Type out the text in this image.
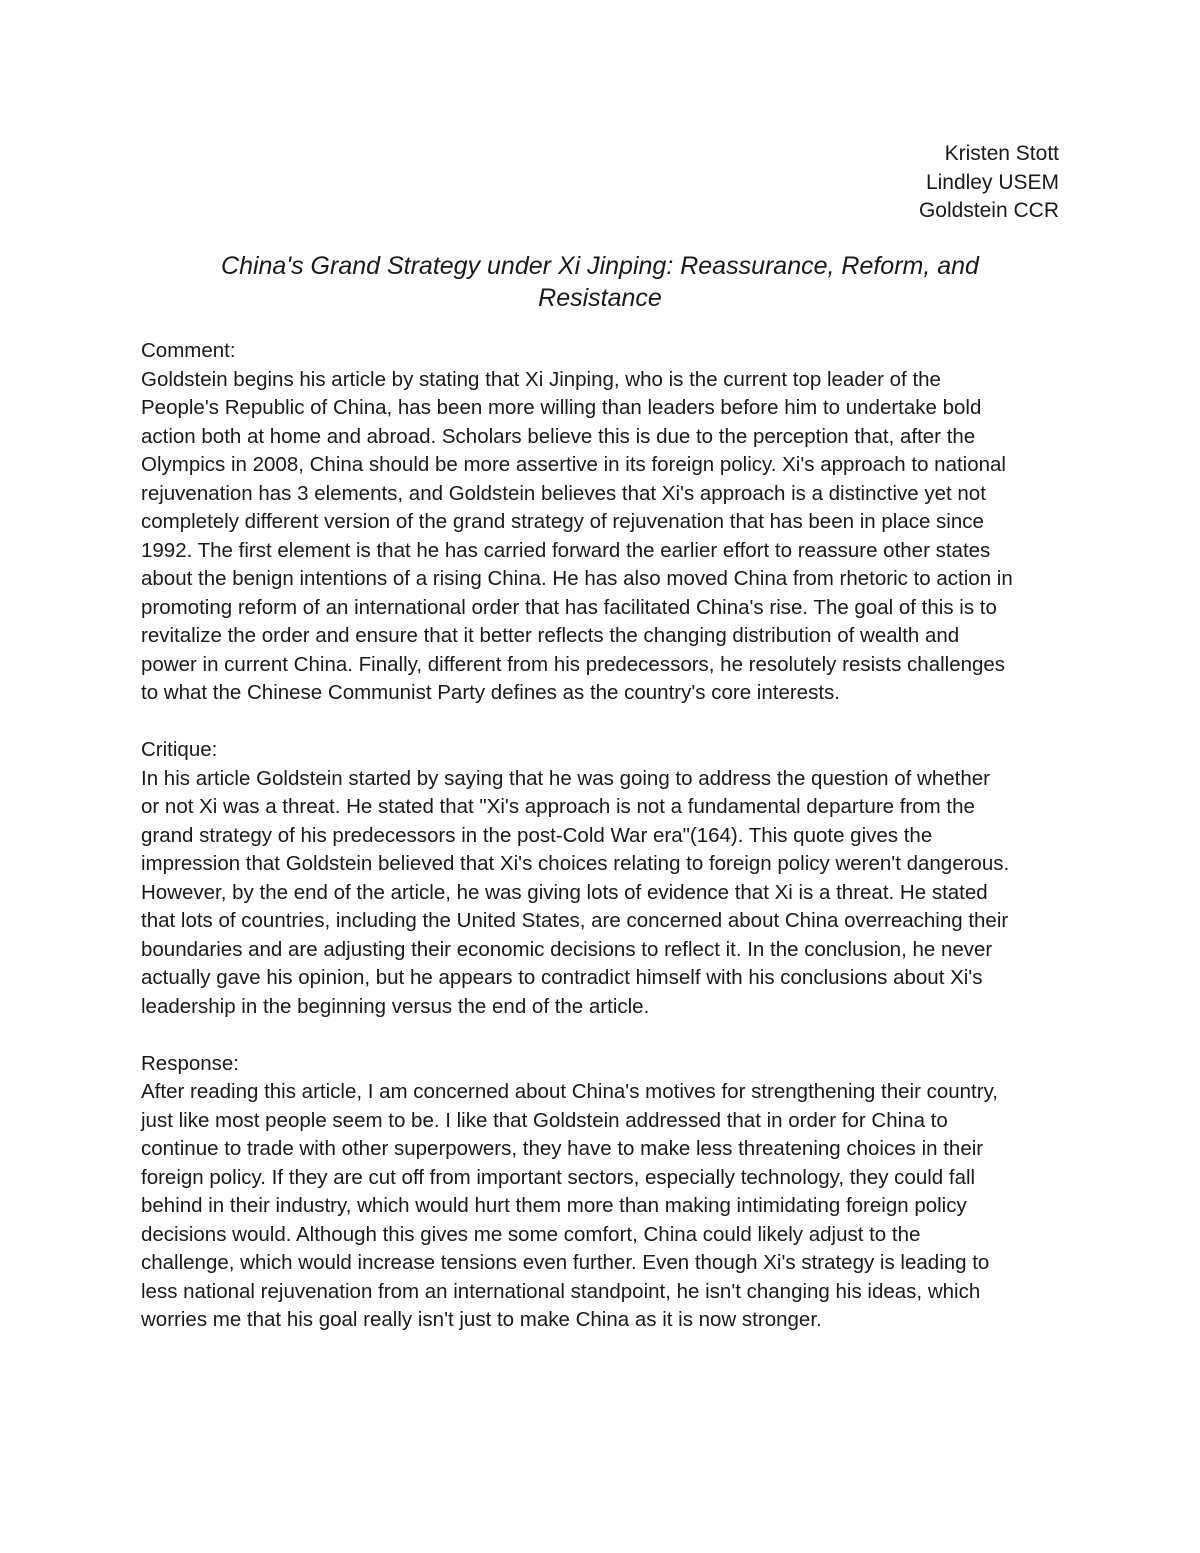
Kristen Stott
Lindley USEM
Goldstein CCR
China's Grand Strategy under Xi Jinping: Reassurance, Reform, and
Resistance
Comment:

Goldstein begins his article by stating that Xi Jinping, who is the current top leader of the
People's Republic of China, has been more willing than leaders before him to undertake bold
action both at home and abroad. Scholars believe this is due to the perception that, after the
Olympics in 2008, China should be more assertive in its foreign policy. Xi's approach to national
rejuvenation has 3 elements, and Goldstein believes that Xi's approach is a distinctive yet not
completely different version of the grand strategy of rejuvenation that has been in place since
1992. The first element is that he has carried forward the earlier effort to reassure other states
about the benign intentions of a rising China. He has also moved China from rhetoric to action in
promoting reform of an international order that has facilitated China's rise. The goal of this is to
revitalize the order and ensure that it better reflects the changing distribution of wealth and
power in current China. Finally, different from his predecessors, he resolutely resists challenges
to what the Chinese Communist Party defines as the country's core interests.

Critique:

In his article Goldstein started by saying that he was going to address the question of whether
or not Xi was a threat. He stated that "Xi's approach is not a fundamental departure from the
grand strategy of his predecessors in the post-Cold War era"(164). This quote gives the
impression that Goldstein believed that Xi's choices relating to foreign policy weren't dangerous.
However, by the end of the article, he was giving lots of evidence that Xi is a threat. He stated
that lots of countries, including the United States, are concerned about China overreaching their
boundaries and are adjusting their economic decisions to reflect it. In the conclusion, he never
actually gave his opinion, but he appears to contradict himself with his conclusions about Xi's
leadership in the beginning versus the end of the article.

Response:

After reading this article, I am concerned about China's motives for strengthening their country,
just like most people seem to be. I like that Goldstein addressed that in order for China to
continue to trade with other superpowers, they have to make less threatening choices in their
foreign policy. If they are cut off from important sectors, especially technology, they could fall
behind in their industry, which would hurt them more than making intimidating foreign policy
decisions would. Although this gives me some comfort, China could likely adjust to the
challenge, which would increase tensions even further. Even though Xi's strategy is leading to
less national rejuvenation from an international standpoint, he isn't changing his ideas, which
worries me that his goal really isn't just to make China as it is now stronger.
